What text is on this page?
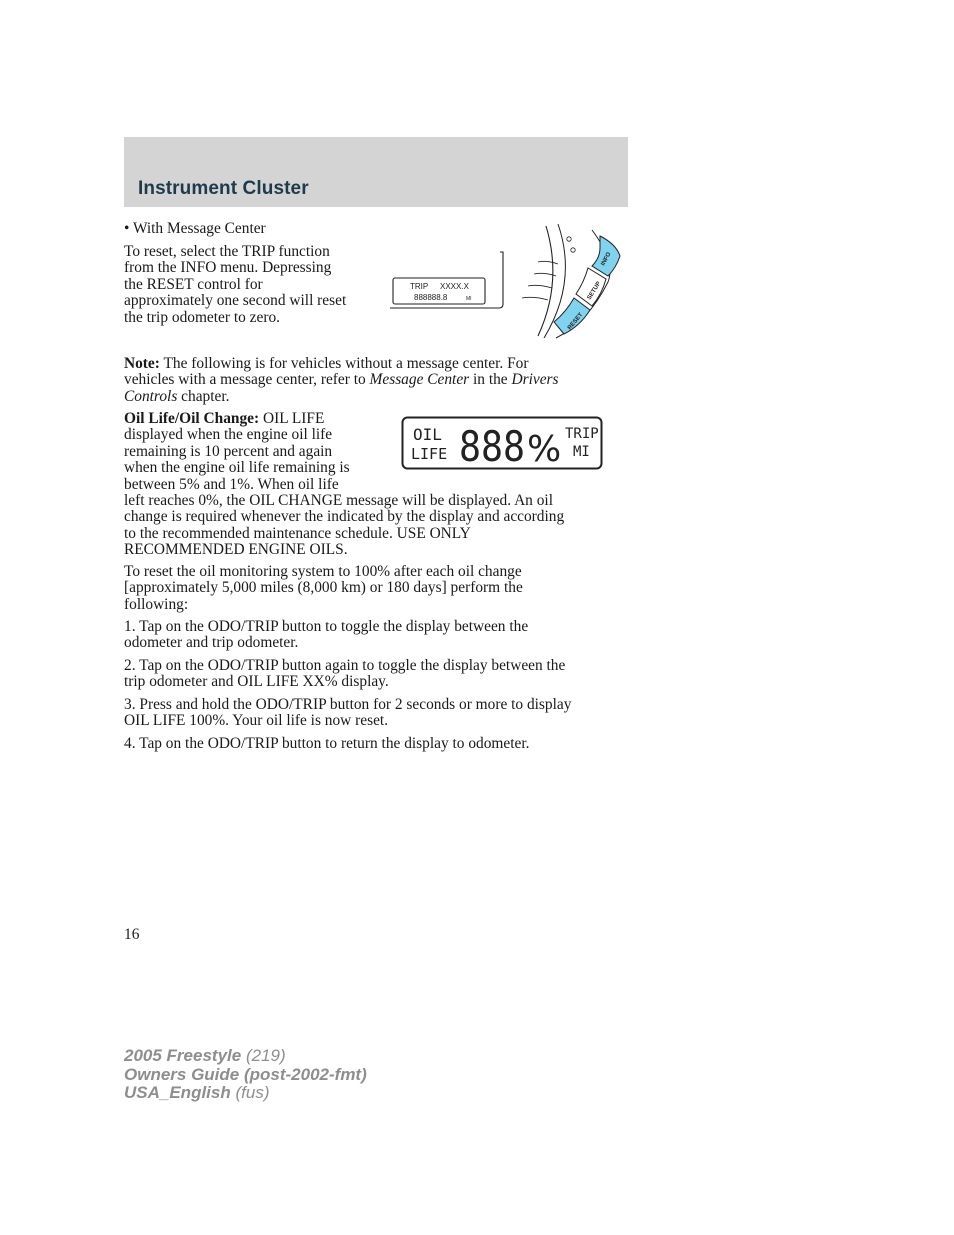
Instrument Cluster
• With Message Center
To reset, select the TRIP function
from the INFO menu. Depressing
the RESET control for
approximately one second will reset
the trip odometer to zero.
TRIP XXXX.X
888888.8	MI
INFO
SETUP
RESET
Note: The following is for vehicles without a message center. For
vehicles with a message center, refer to Message Center in the Drivers
Controls chapter.
Oil Life/Oil Change: OIL LIFE
displayed when the engine oil life
remaining is 10 percent and again
when the engine oil life remaining is
between 5% and 1%. When oil life
left reaches 0%, the OIL CHANGE message will be displayed. An oil
change is required whenever the indicated by the display and according
to the recommended maintenance schedule. USE ONLY
RECOMMENDED ENGINE OILS.
OIL
LIFE 888 % TRIP
MI
To reset the oil monitoring system to 100% after each oil change
[approximately 5,000 miles (8,000 km) or 180 days] perform the
following:
1. Tap on the ODO/TRIP button to toggle the display between the
odometer and trip odometer.
2. Tap on the ODO/TRIP button again to toggle the display between the
trip odometer and OIL LIFE XX% display.
3. Press and hold the ODO/TRIP button for 2 seconds or more to display
OIL LIFE 100%. Your oil life is now reset.
4. Tap on the ODO/TRIP button to return the display to odometer.
16
2005 Freestyle (219)
Owners Guide (post-2002-fmt)
USA_English (fus)
